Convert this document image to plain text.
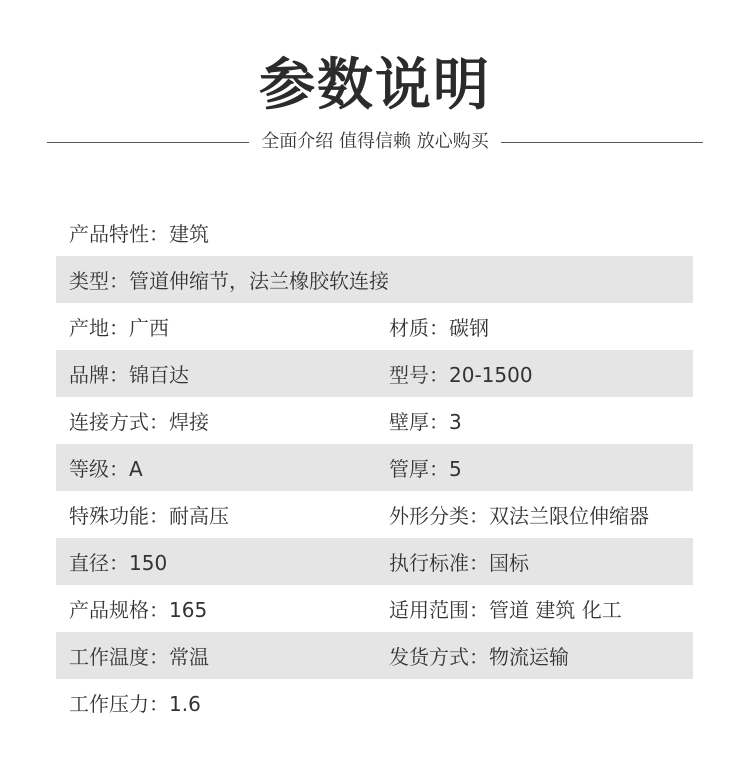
参数说明
全面介绍 值得信赖 放心购买
产品特性：建筑
类型：管道伸缩节，法兰橡胶软连接
产地：广西	材质：碳钢
品牌：锦百达	型号：20-1500
连接方式：焊接	壁厚：3
等级：A	管厚：5
特殊功能：耐高压	外形分类：双法兰限位伸缩器
直径：150	执行标准：国标
产品规格：165	适用范围：管道 建筑 化工
工作温度：常温	发货方式：物流运输
工作压力：1.6
